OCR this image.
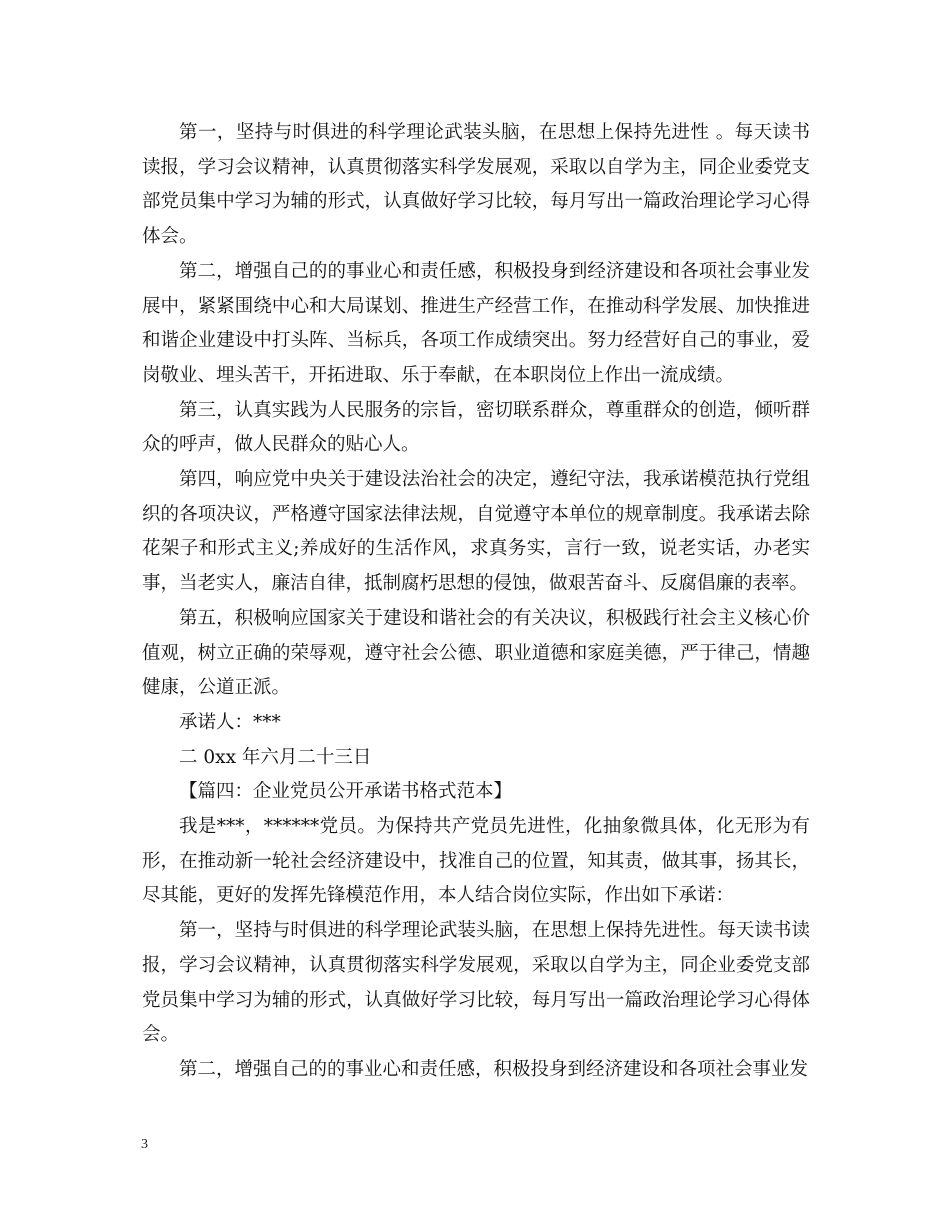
第一，坚持与时俱进的科学理论武装头脑，在思想上保持先进性 。每天读书读报，学习会议精神，认真贯彻落实科学发展观，采取以自学为主，同企业委党支部党员集中学习为辅的形式，认真做好学习比较，每月写出一篇政治理论学习心得体会。

第二，增强自己的的事业心和责任感，积极投身到经济建设和各项社会事业发展中，紧紧围绕中心和大局谋划、推进生产经营工作，在推动科学发展、加快推进和谐企业建设中打头阵、当标兵，各项工作成绩突出。努力经营好自己的事业，爱岗敬业、埋头苦干，开拓进取、乐于奉献，在本职岗位上作出一流成绩。

第三，认真实践为人民服务的宗旨，密切联系群众，尊重群众的创造，倾听群众的呼声，做人民群众的贴心人。

第四，响应党中央关于建设法治社会的决定，遵纪守法，我承诺模范执行党组织的各项决议，严格遵守国家法律法规，自觉遵守本单位的规章制度。我承诺去除花架子和形式主义;养成好的生活作风，求真务实，言行一致，说老实话，办老实事，当老实人，廉洁自律，抵制腐朽思想的侵蚀，做艰苦奋斗、反腐倡廉的表率。

第五，积极响应国家关于建设和谐社会的有关决议，积极践行社会主义核心价值观，树立正确的荣辱观，遵守社会公德、职业道德和家庭美德，严于律己，情趣健康，公道正派。

承诺人：***

二 0xx 年六月二十三日

【篇四：企业党员公开承诺书格式范本】

我是***，******党员。为保持共产党员先进性，化抽象微具体，化无形为有形，在推动新一轮社会经济建设中，找准自己的位置，知其责，做其事，扬其长，尽其能，更好的发挥先锋模范作用，本人结合岗位实际，作出如下承诺：

第一，坚持与时俱进的科学理论武装头脑，在思想上保持先进性。每天读书读报，学习会议精神，认真贯彻落实科学发展观，采取以自学为主，同企业委党支部党员集中学习为辅的形式，认真做好学习比较，每月写出一篇政治理论学习心得体会。

第二，增强自己的的事业心和责任感，积极投身到经济建设和各项社会事业发

3
